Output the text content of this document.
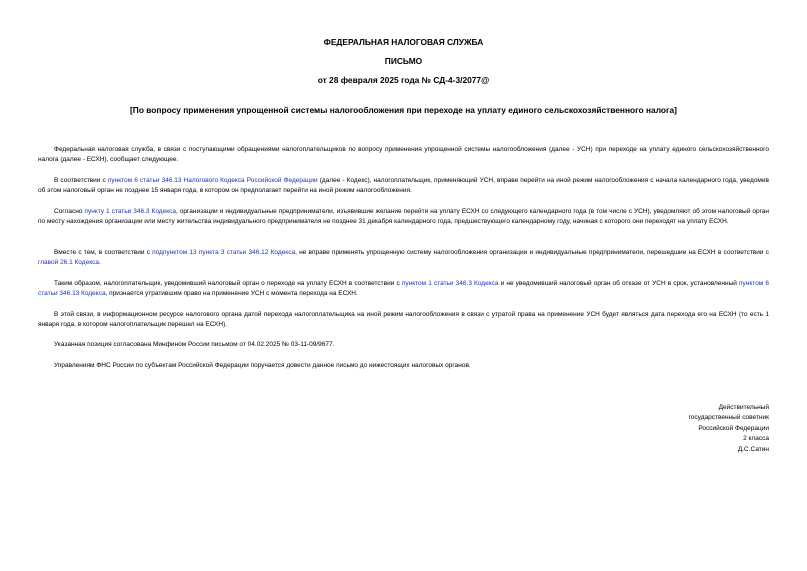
ФЕДЕРАЛЬНАЯ НАЛОГОВАЯ СЛУЖБА
ПИСЬМО
от 28 февраля 2025 года № СД-4-3/2077@
[По вопросу применения упрощенной системы налогообложения при переходе на уплату единого сельскохозяйственного налога]
Федеральная налоговая служба, в связи с поступающими обращениями налогоплательщиков по вопросу применения упрощенной системы налогообложения (далее - УСН) при переходе на уплату единого сельскохозяйственного налога (далее - ЕСХН), сообщает следующее.
В соответствии с пунктом 6 статьи 346.13 Налогового Кодекса Российской Федерации (далее - Кодекс), налогоплательщик, применяющий УСН, вправе перейти на иной режим налогообложения с начала календарного года, уведомив об этом налоговый орган не позднее 15 января года, в котором он предполагает перейти на иной режим налогообложения.
Согласно пункту 1 статьи 346.3 Кодекса, организации и индивидуальные предприниматели, изъявившие желание перейти на уплату ЕСХН со следующего календарного года (в том числе с УСН), уведомляют об этом налоговый орган по месту нахождения организации или месту жительства индивидуального предпринимателя не позднее 31 декабря календарного года, предшествующего календарному году, начиная с которого они переходят на уплату ЕСХН.
Вместе с тем, в соответствии с подпунктом 13 пункта 3 статьи 346.12 Кодекса, не вправе применять упрощенную систему налогообложения организации и индивидуальные предприниматели, перешедшие на ЕСХН в соответствии с главой 26.1 Кодекса.
Таким образом, налогоплательщик, уведомивший налоговый орган о переходе на уплату ЕСХН в соответствии с пунктом 1 статьи 346.3 Кодекса и не уведомивший налоговый орган об отказе от УСН в срок, установленный пунктом 6 статьи 346.13 Кодекса, признается утратившим право на применение УСН с момента перехода на ЕСХН.
В этой связи, в информационном ресурсе налогового органа датой перехода налогоплательщика на иной режим налогообложения в связи с утратой права на применение УСН будет являться дата перехода его на ЕСХН (то есть 1 января года, в котором налогоплательщик перешел на ЕСХН).
Указанная позиция согласована Минфином России письмом от 04.02.2025 № 03-11-09/9677.
Управлениям ФНС России по субъектам Российской Федерации поручается довести данное письмо до нижестоящих налоговых органов.
Действительный
государственный советник
Российской Федерации
2 класса
Д.С.Сатин
